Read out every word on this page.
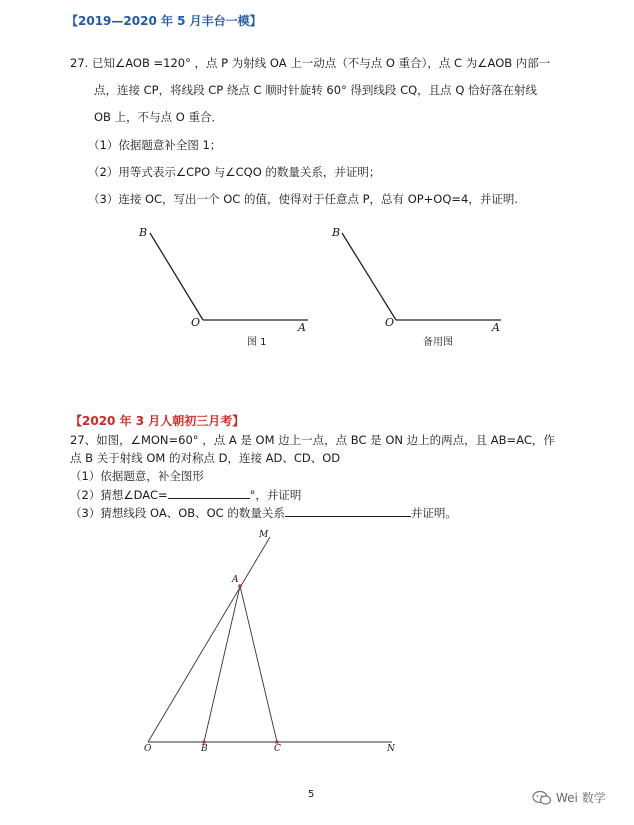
【2019—2020 年 5 月丰台一模】
27. 已知∠AOB =120° ，点 P 为射线 OA 上一动点（不与点 O 重合），点 C 为∠AOB 内部一
点，连接 CP，将线段 CP 绕点 C 顺时针旋转 60° 得到线段 CQ，且点 Q 恰好落在射线
OB 上，不与点 O 重合．
（1）依据题意补全图 1；
（2）用等式表示∠CPO 与∠CQO 的数量关系，并证明；
（3）连接 OC，写出一个 OC 的值，使得对于任意点 P，总有 OP+OQ=4，并证明.
B
O	A
图 1
B
O	A
备用图
【2020 年 3 月人朝初三月考】
27、如图，∠MON=60° ，点 A 是 OM 边上一点，点 BC 是 ON 边上的两点，且 AB=AC，作
点 B 关于射线 OM 的对称点 D，连接 AD、CD、OD
（1）依据题意，补全图形
（2）猜想∠DAC=	°，并证明
（3）猜想线段 OA、OB、OC 的数量关系	并证明。
M
A
O	B	C	N
5	Wei 数学
